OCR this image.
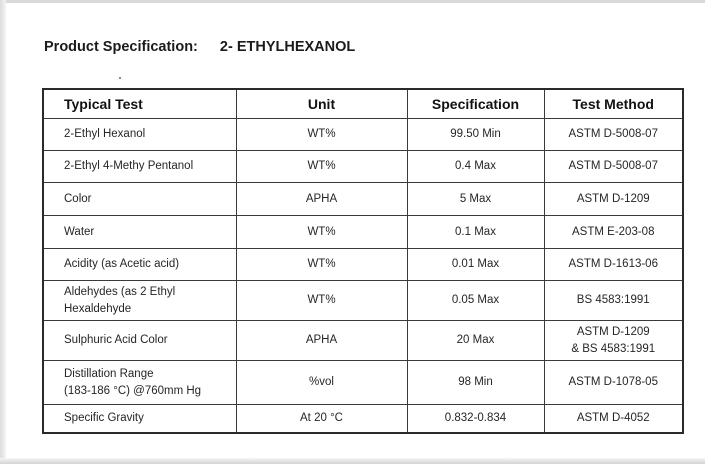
Product Specification: 2- ETHYLHEXANOL
Typical Test	Unit	Specification	Test Method

2-Ethyl Hexanol	WT%	99.50 Min	ASTM D-5008-07

2-Ethyl 4-Methy Pentanol	WT%	0.4 Max	ASTM D-5008-07

Color	APHA	5 Max	ASTM D-1209

Water	WT%	0.1 Max	ASTM E-203-08

Acidity (as Acetic acid)	WT%	0.01 Max	ASTM D-1613-06

Aldehydes (as 2 Ethyl
Hexaldehyde	WT%	0.05 Max	BS 4583:1991

Sulphuric Acid Color	APHA	20 Max	ASTM D-1209
& BS 4583:1991

Distillation Range
(183-186 °C) @760mm Hg	%vol	98 Min	ASTM D-1078-05

Specific Gravity	At 20 °C	0.832-0.834	ASTM D-4052
